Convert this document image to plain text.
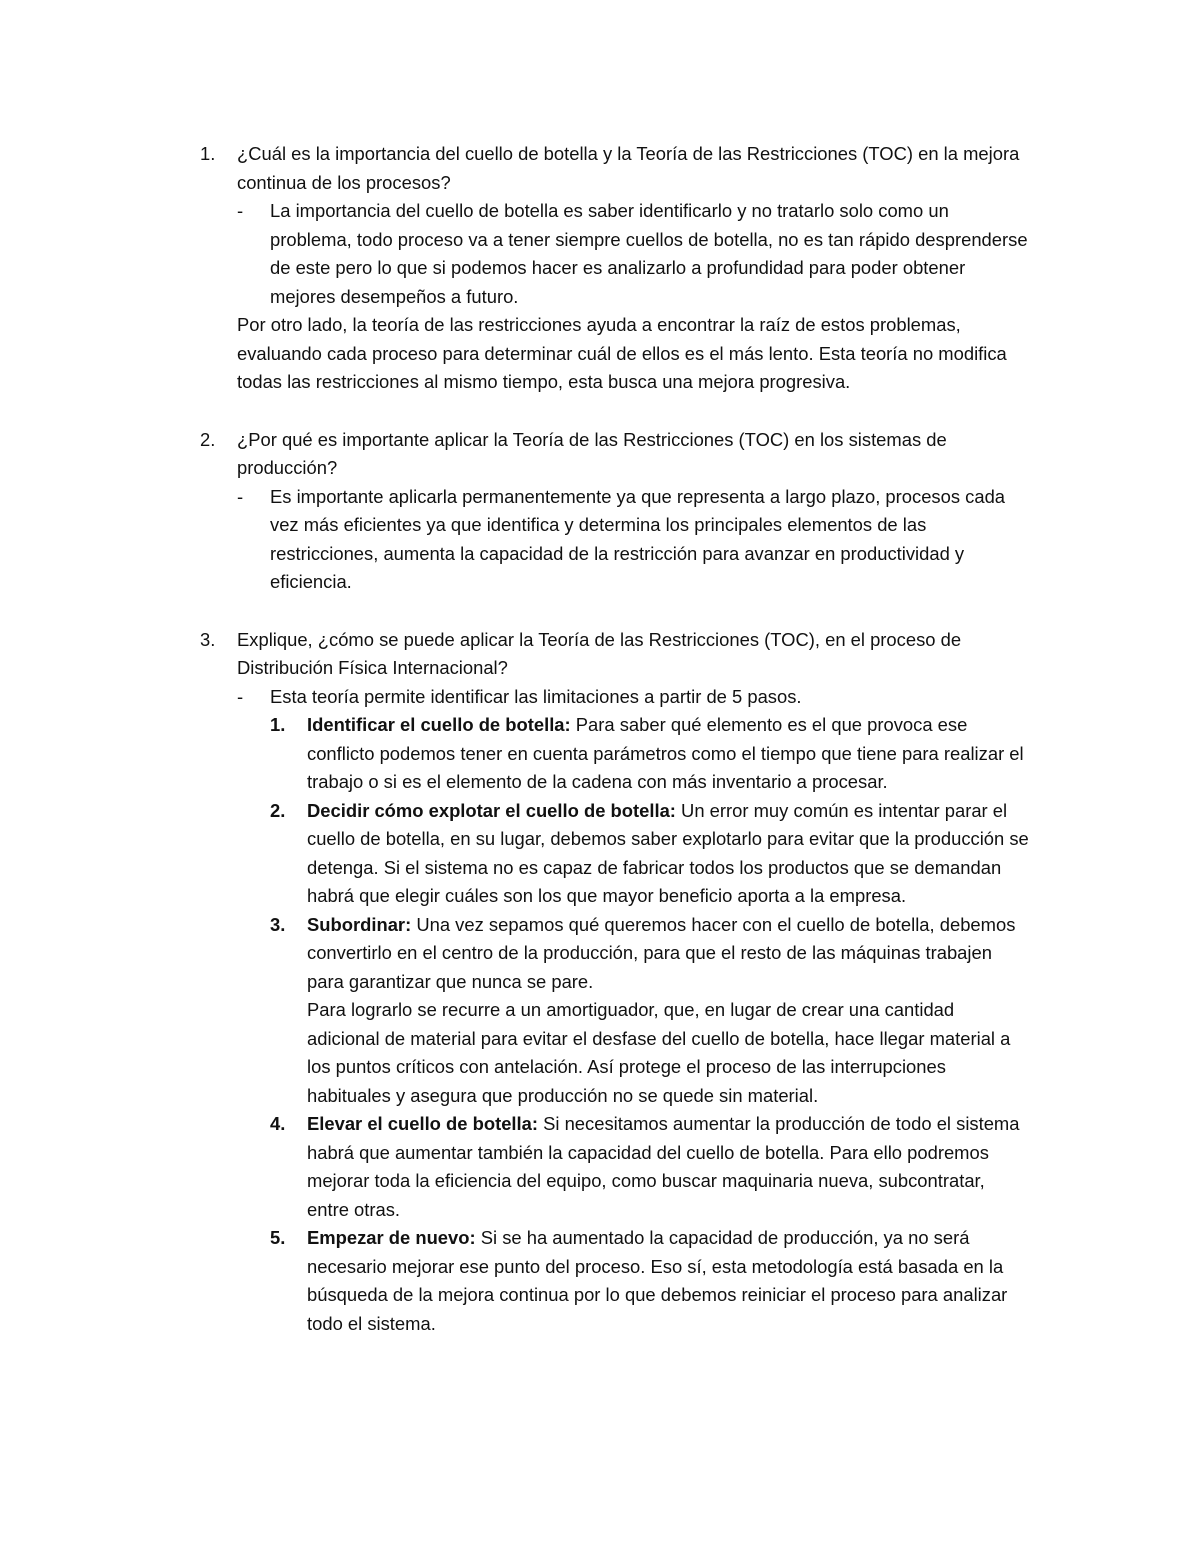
1.	¿Cuál es la importancia del cuello de botella y la Teoría de las Restricciones (TOC) en la mejora continua de los procesos?
-	La importancia del cuello de botella es saber identificarlo y no tratarlo solo como un problema, todo proceso va a tener siempre cuellos de botella, no es tan rápido desprenderse de este pero lo que si podemos hacer es analizarlo a profundidad para poder obtener mejores desempeños a futuro.
Por otro lado, la teoría de las restricciones ayuda a encontrar la raíz de estos problemas, evaluando cada proceso para determinar cuál de ellos es el más lento. Esta teoría no modifica todas las restricciones al mismo tiempo, esta busca una mejora progresiva.
2.	¿Por qué es importante aplicar la Teoría de las Restricciones (TOC) en los sistemas de producción?
-	Es importante aplicarla permanentemente ya que representa a largo plazo, procesos cada vez más eficientes ya que identifica y determina los principales elementos de las restricciones, aumenta la capacidad de la restricción para avanzar en productividad y eficiencia.
3.	Explique, ¿cómo se puede aplicar la Teoría de las Restricciones (TOC), en el proceso de Distribución Física Internacional?
-	Esta teoría permite identificar las limitaciones a partir de 5 pasos.
1.	Identificar el cuello de botella: Para saber qué elemento es el que provoca ese conflicto podemos tener en cuenta parámetros como el tiempo que tiene para realizar el trabajo o si es el elemento de la cadena con más inventario a procesar.
2.	Decidir cómo explotar el cuello de botella: Un error muy común es intentar parar el cuello de botella, en su lugar, debemos saber explotarlo para evitar que la producción se detenga. Si el sistema no es capaz de fabricar todos los productos que se demandan habrá que elegir cuáles son los que mayor beneficio aporta a la empresa.
3.	Subordinar: Una vez sepamos qué queremos hacer con el cuello de botella, debemos convertirlo en el centro de la producción, para que el resto de las máquinas trabajen para garantizar que nunca se pare.
Para lograrlo se recurre a un amortiguador, que, en lugar de crear una cantidad adicional de material para evitar el desfase del cuello de botella, hace llegar material a los puntos críticos con antelación. Así protege el proceso de las interrupciones habituales y asegura que producción no se quede sin material.
4.	Elevar el cuello de botella: Si necesitamos aumentar la producción de todo el sistema habrá que aumentar también la capacidad del cuello de botella. Para ello podremos mejorar toda la eficiencia del equipo, como buscar maquinaria nueva, subcontratar, entre otras.
5.	Empezar de nuevo: Si se ha aumentado la capacidad de producción, ya no será necesario mejorar ese punto del proceso. Eso sí, esta metodología está basada en la búsqueda de la mejora continua por lo que debemos reiniciar el proceso para analizar todo el sistema.
